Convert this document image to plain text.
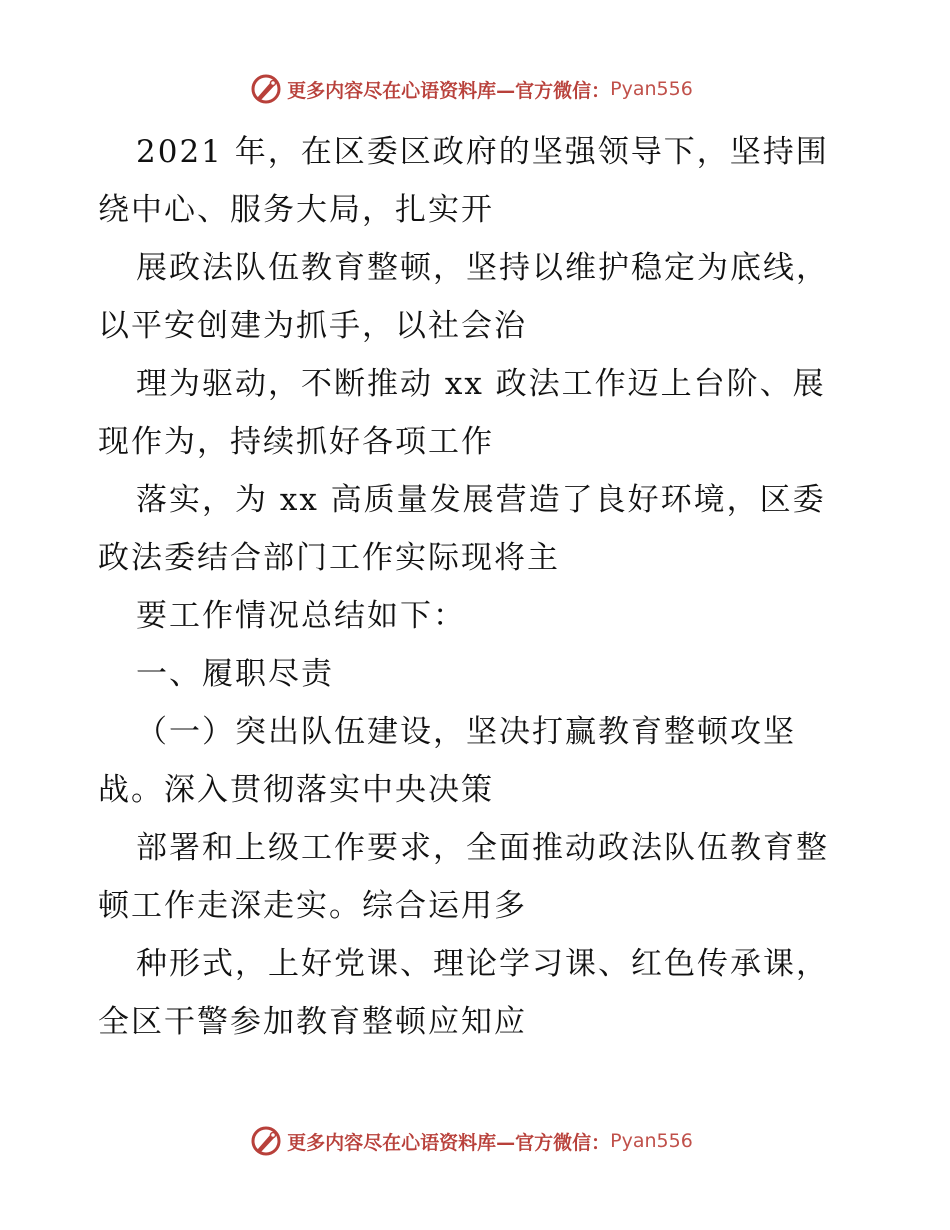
更多内容尽在心语资料库—官方微信： Pyan556
2021 年，在区委区政府的坚强领导下，坚持围
绕中心、服务大局，扎实开
展政法队伍教育整顿，坚持以维护稳定为底线，
以平安创建为抓手，以社会治
理为驱动，不断推动 xx 政法工作迈上台阶、展
现作为，持续抓好各项工作
落实，为 xx 高质量发展营造了良好环境，区委
政法委结合部门工作实际现将主
要工作情况总结如下：
一、履职尽责
（一）突出队伍建设，坚决打赢教育整顿攻坚
战。深入贯彻落实中央决策
部署和上级工作要求，全面推动政法队伍教育整
顿工作走深走实。综合运用多
种形式，上好党课、理论学习课、红色传承课，
全区干警参加教育整顿应知应
更多内容尽在心语资料库—官方微信： Pyan556
